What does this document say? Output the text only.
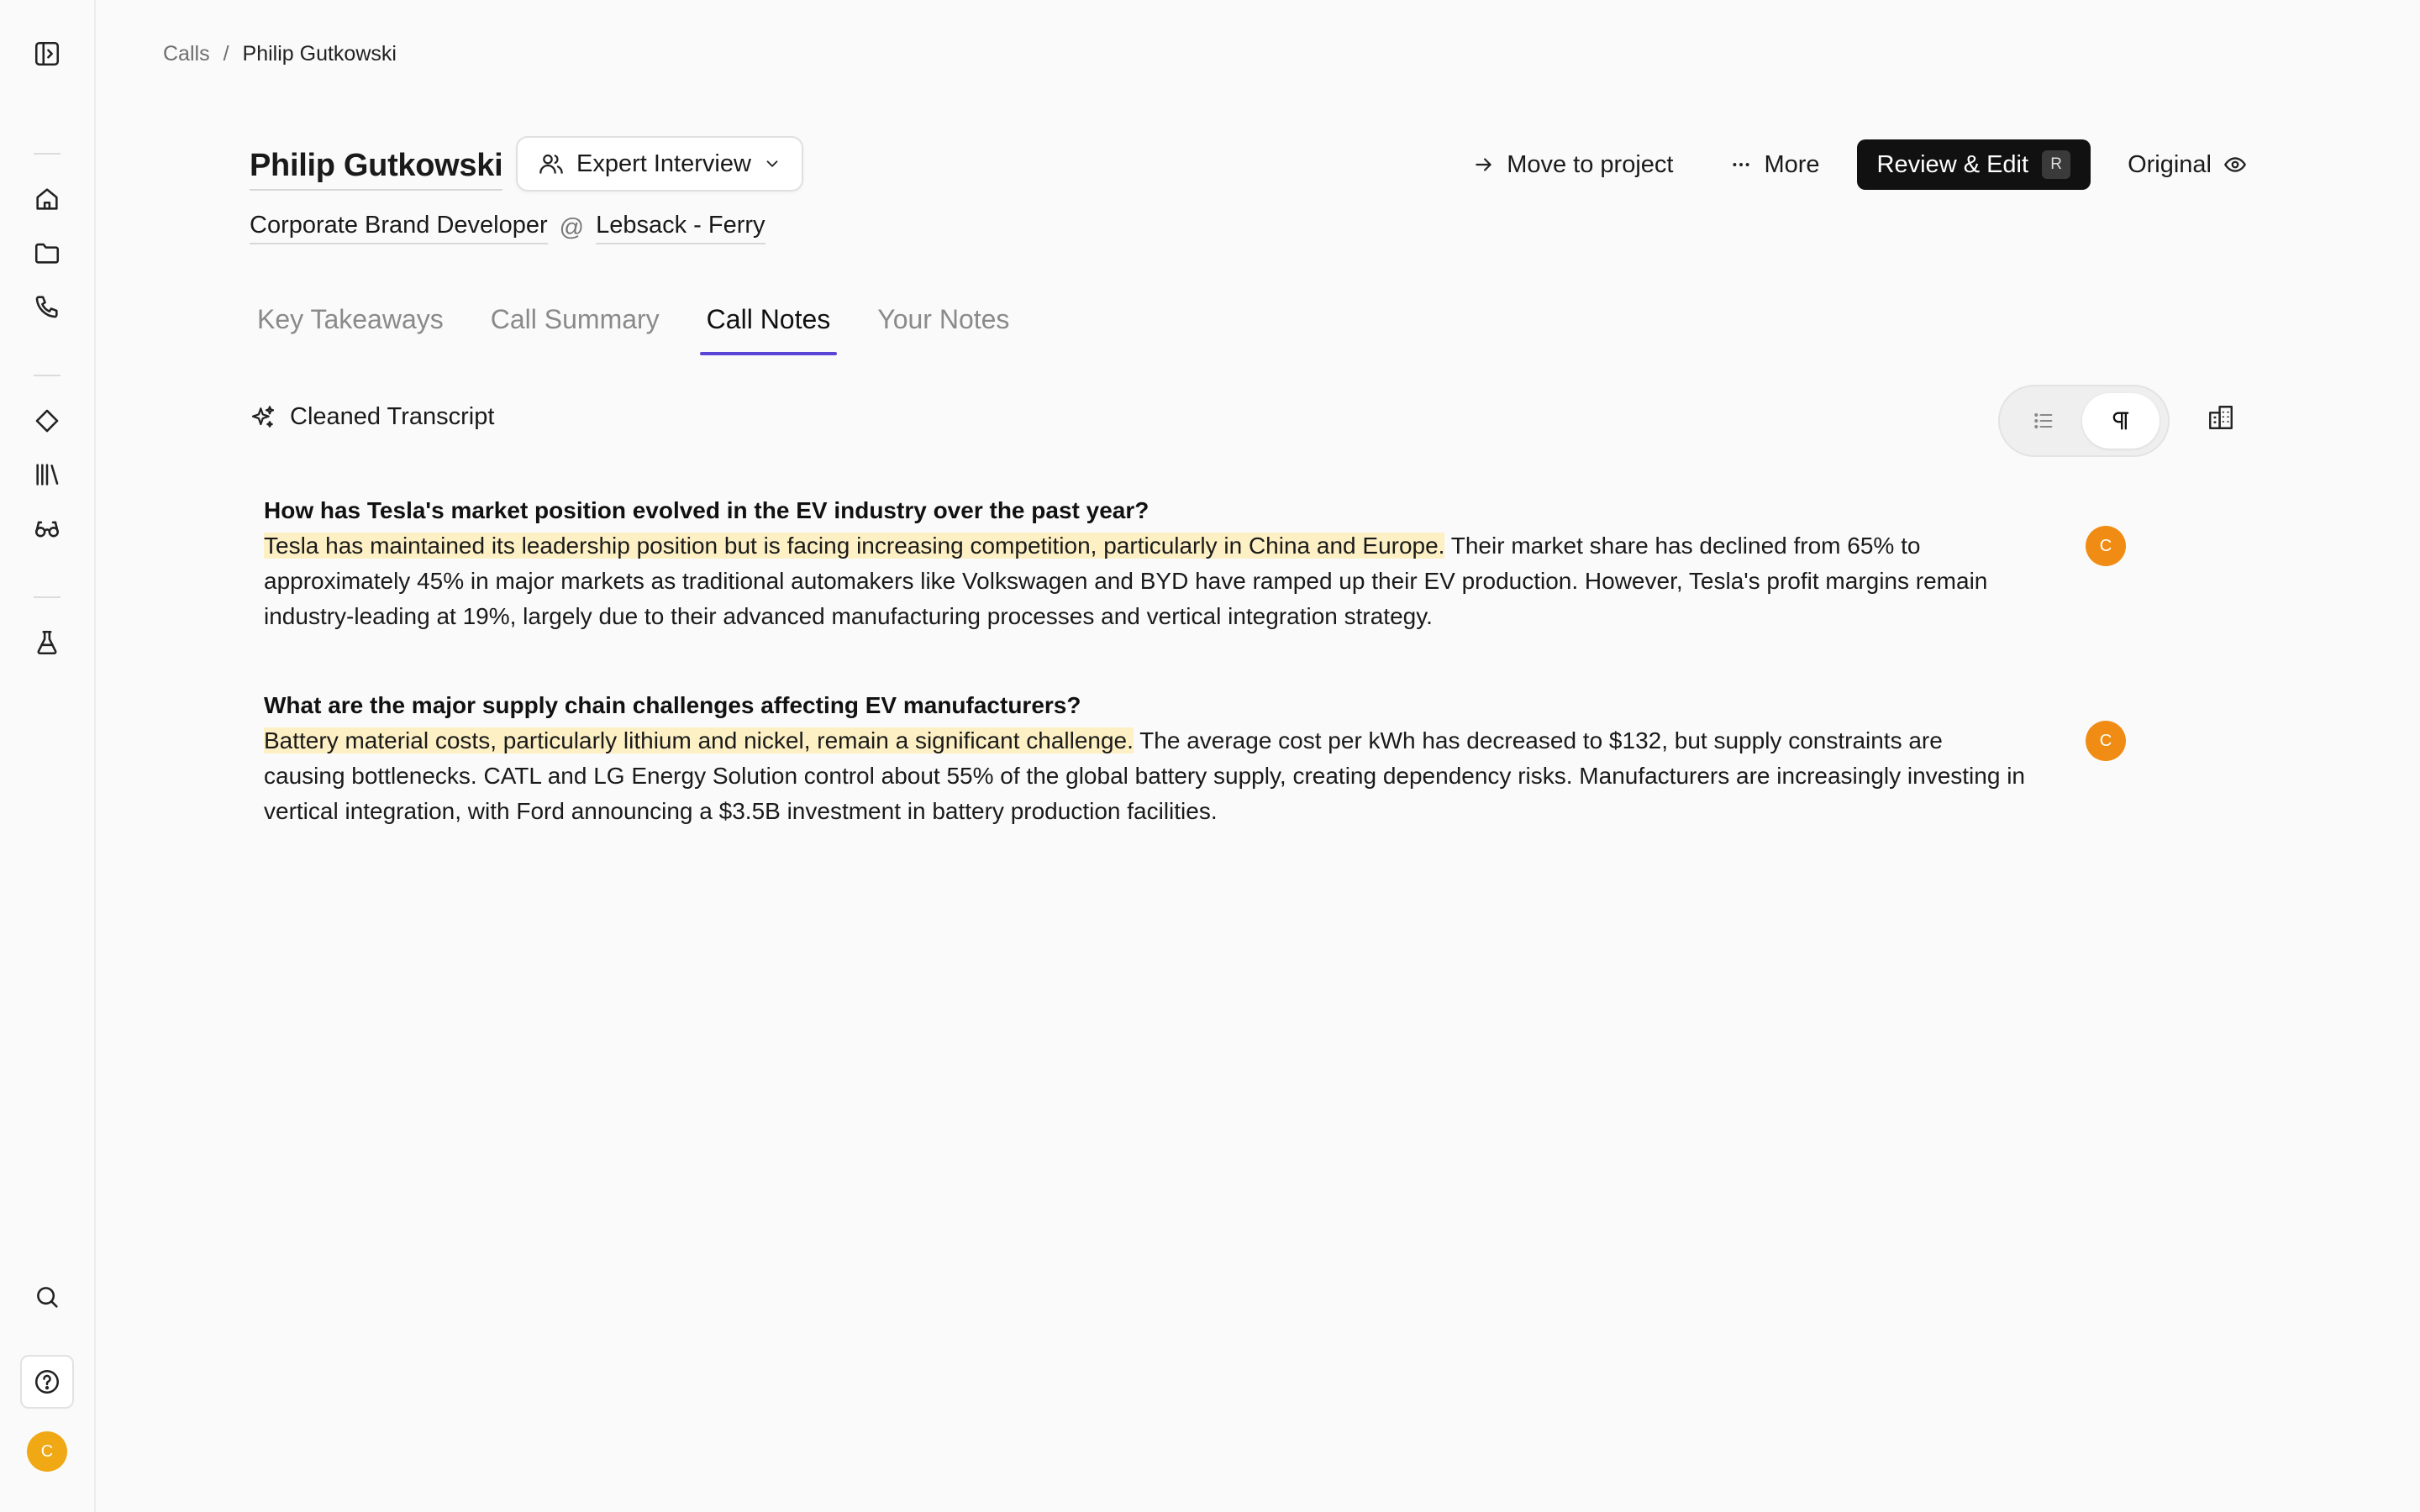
C
Calls / Philip Gutkowski
Philip Gutkowski	Expert Interview
Corporate Brand Developer @ Lebsack - Ferry
Move to project	More Review & Edit	R	Original
Key Takeaways Call Summary Call Notes Your Notes
Cleaned Transcript
How has Tesla's market position evolved in the EV industry over the past year?
Tesla has maintained its leadership position but is facing increasing competition, particularly in China and Europe. Their market share has declined from 65% to approximately 45% in major markets as traditional automakers like Volkswagen and BYD have ramped up their EV production. However, Tesla's profit margins remain industry-leading at 19%, largely due to their advanced manufacturing processes and vertical integration strategy.
C
What are the major supply chain challenges affecting EV manufacturers?
Battery material costs, particularly lithium and nickel, remain a significant challenge. The average cost per kWh has decreased to $132, but supply constraints are causing bottlenecks. CATL and LG Energy Solution control about 55% of the global battery supply, creating dependency risks. Manufacturers are increasingly investing in vertical integration, with Ford announcing a $3.5B investment in battery production facilities.
C
